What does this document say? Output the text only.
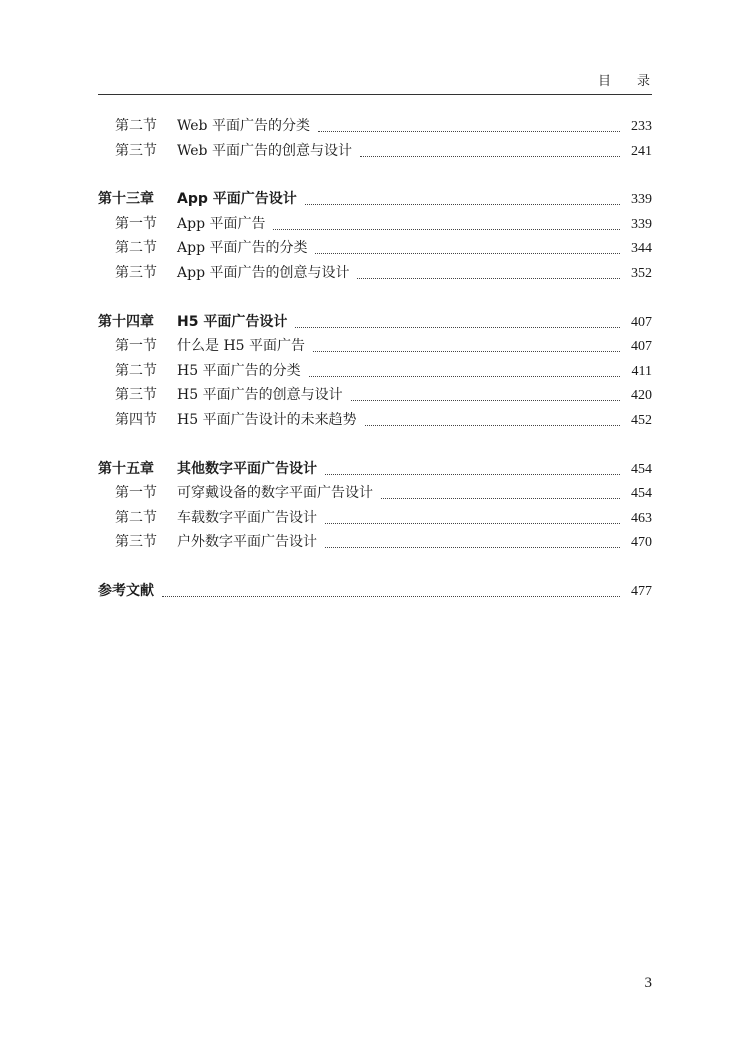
目录
第二节	Web 平面广告的分类	233
第三节	Web 平面广告的创意与设计	241
第十三章	App 平面广告设计	339
第一节	App 平面广告	339
第二节	App 平面广告的分类	344
第三节	App 平面广告的创意与设计	352
第十四章	H5 平面广告设计	407
第一节	什么是 H5 平面广告	407
第二节	H5 平面广告的分类	411
第三节	H5 平面广告的创意与设计	420
第四节	H5 平面广告设计的未来趋势	452
第十五章	其他数字平面广告设计	454
第一节	可穿戴设备的数字平面广告设计	454
第二节	车载数字平面广告设计	463
第三节	户外数字平面广告设计	470
参考文献	477
3
